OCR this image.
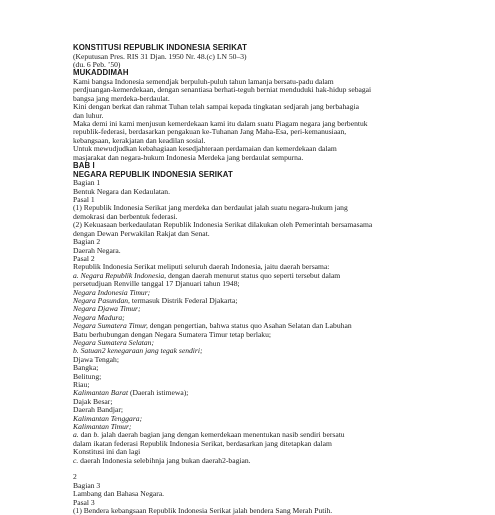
KONSTITUSI REPUBLIK INDONESIA SERIKAT
(Keputusan Pres. RIS 31 Djan. 1950 Nr. 48.(c) LN 50–3)
(du. 6 Peb. ’50)
MUKADDIMAH
Kami bangsa Indonesia semendjak berpuluh-puluh tahun lamanja bersatu-padu dalam
perdjuangan-kemerdekaan, dengan senantiasa berhati-teguh berniat menduduki hak-hidup sebagai
bangsa jang merdeka-berdaulat.
Kini dengan berkat dan rahmat Tuhan telah sampai kepada tingkatan sedjarah jang berbahagia
dan luhur.
Maka demi ini kami menjusun kemerdekaan kami itu dalam suatu Piagam negara jang berbentuk
republik-federasi, berdasarkan pengakuan ke-Tuhanan Jang Maha-Esa, peri-kemanusiaan,
kebangsaan, kerakjatan dan keadilan sosial.
Untuk mewudjudkan kebahagiaan kesedjahteraan perdamaian dan kemerdekaan dalam
masjarakat dan negara-hukum Indonesia Merdeka jang berdaulat sempurna.
BAB I
NEGARA REPUBLIK INDONESIA SERIKAT
Bagian 1
Bentuk Negara dan Kedaulatan.
Pasal 1
(1) Republik Indonesia Serikat jang merdeka dan berdaulat jalah suatu negara-hukum jang
demokrasi dan berbentuk federasi.
(2) Kekuasaan berkedaulatan Republik Indonesia Serikat dilakukan oleh Pemerintah bersamasama
dengan Dewan Perwakilan Rakjat dan Senat.
Bagian 2
Daerah Negara.
Pasal 2
Republik Indonesia Serikat meliputi seluruh daerah Indonesia, jaitu daerah bersama:
a. Negara Republik Indonesia, dengan daerah menurut status quo seperti tersebut dalam
persetudjuan Renville tanggal 17 Djanuari tahun 1948;
Negara Indonesia Timur;
Negara Pasundan, termasuk Distrik Federal Djakarta;
Negara Djawa Timur;
Negara Madura;
Negara Sumatera Timur, dengan pengertian, bahwa status quo Asahan Selatan dan Labuhan
Batu berhubungan dengan Negara Sumatera Timur tetap berlaku;
Negara Sumatera Selatan;
b. Satuan2 kenegaraan jang tegak sendiri;
Djawa Tengah;
Bangka;
Belitung;
Riau;
Kalimantan Barat (Daerah istimewa);
Dajak Besar;
Daerah Bandjar;
Kalimantan Tenggara;
Kalimantan Timur;
a. dan b. jalah daerah bagian jang dengan kemerdekaan menentukan nasib sendiri bersatu
dalam ikatan federasi Republik Indonesia Serikat, berdasarkan jang ditetapkan dalam
Konstitusi ini dan lagi
c. daerah Indonesia selebihnja jang bukan daerah2-bagian.
2
Bagian 3
Lambang dan Bahasa Negara.
Pasal 3
(1) Bendera kebangsaan Republik Indonesia Serikat jalah bendera Sang Merah Putih.
